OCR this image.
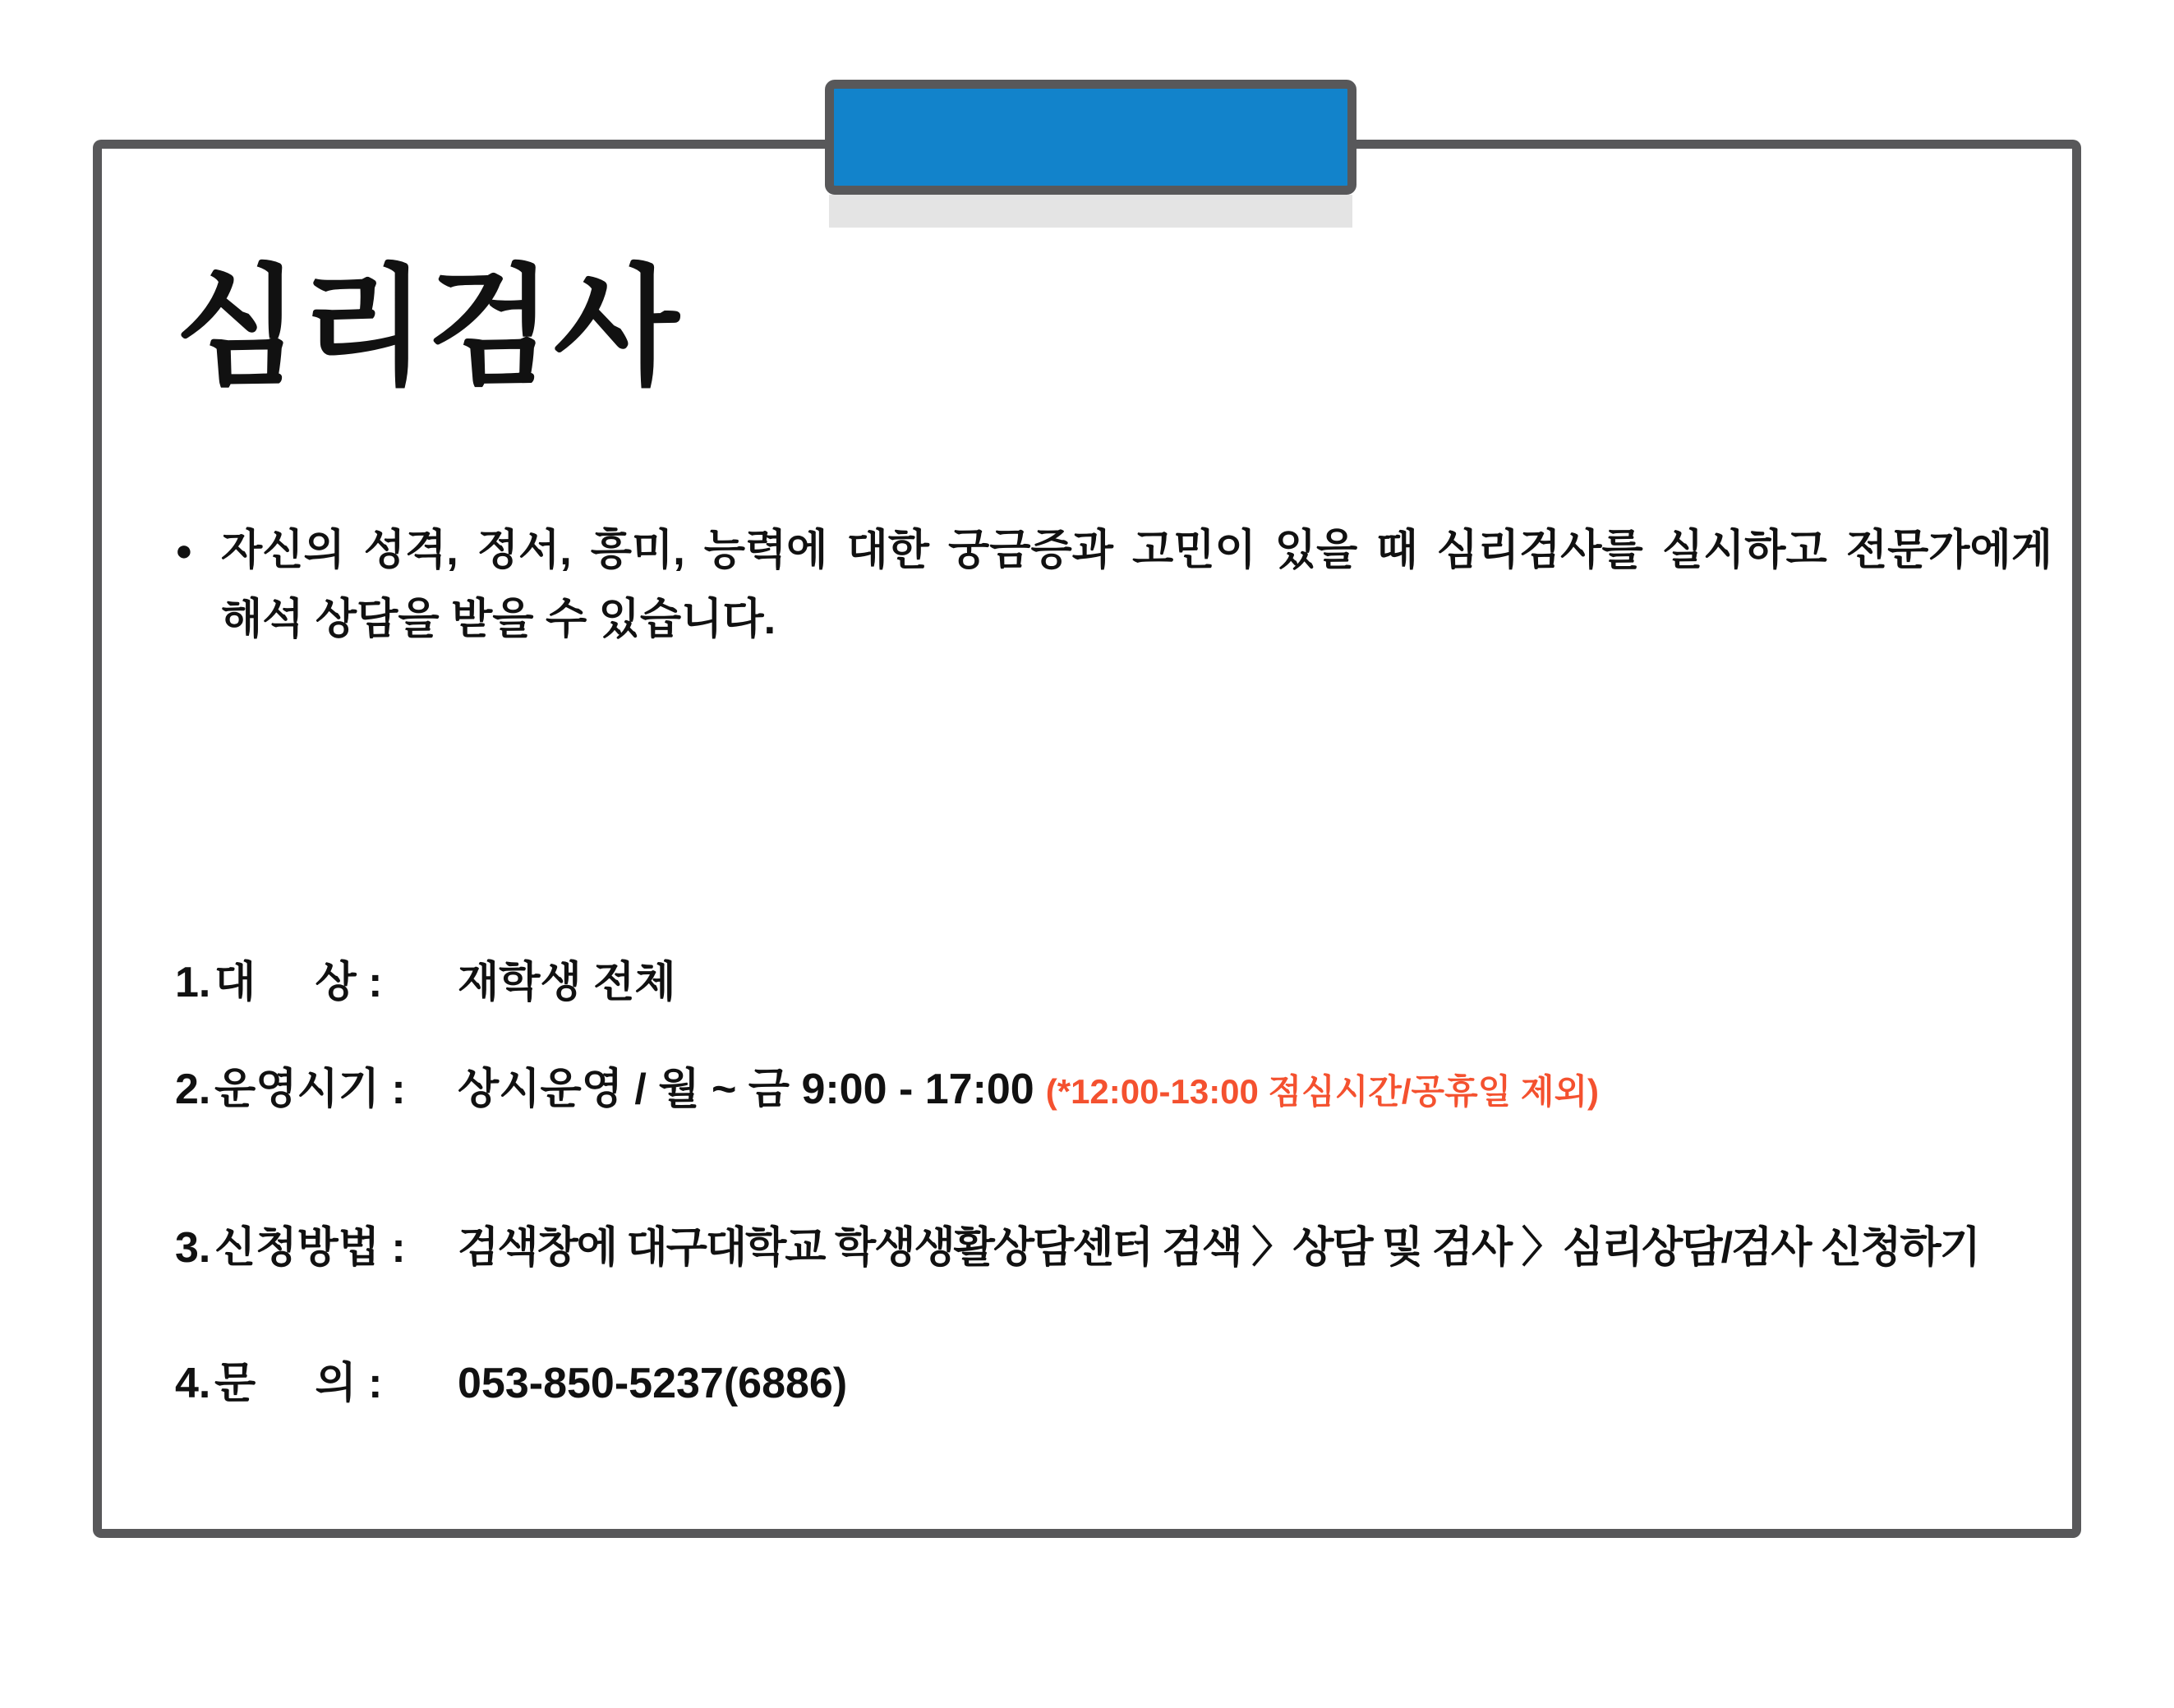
심리검사
● 자신의 성격, 정서, 흥미, 능력에 대한 궁금증과 고민이 있을 때 심리검사를 실시하고 전문가에게
해석 상담을 받을 수 있습니다.
1. 대     상 :	재학생 전체
2. 운영시기 :	상시운영 / 월 ~ 금 9:00 - 17:00 (*12:00-13:00 점심시간/공휴일 제외)
3. 신청방법 :	검색창에 대구대학교 학생생활상담센터 검색 〉상담 및 검사 〉심리상담/검사 신청하기
4. 문     의 :	053-850-5237(6886)
